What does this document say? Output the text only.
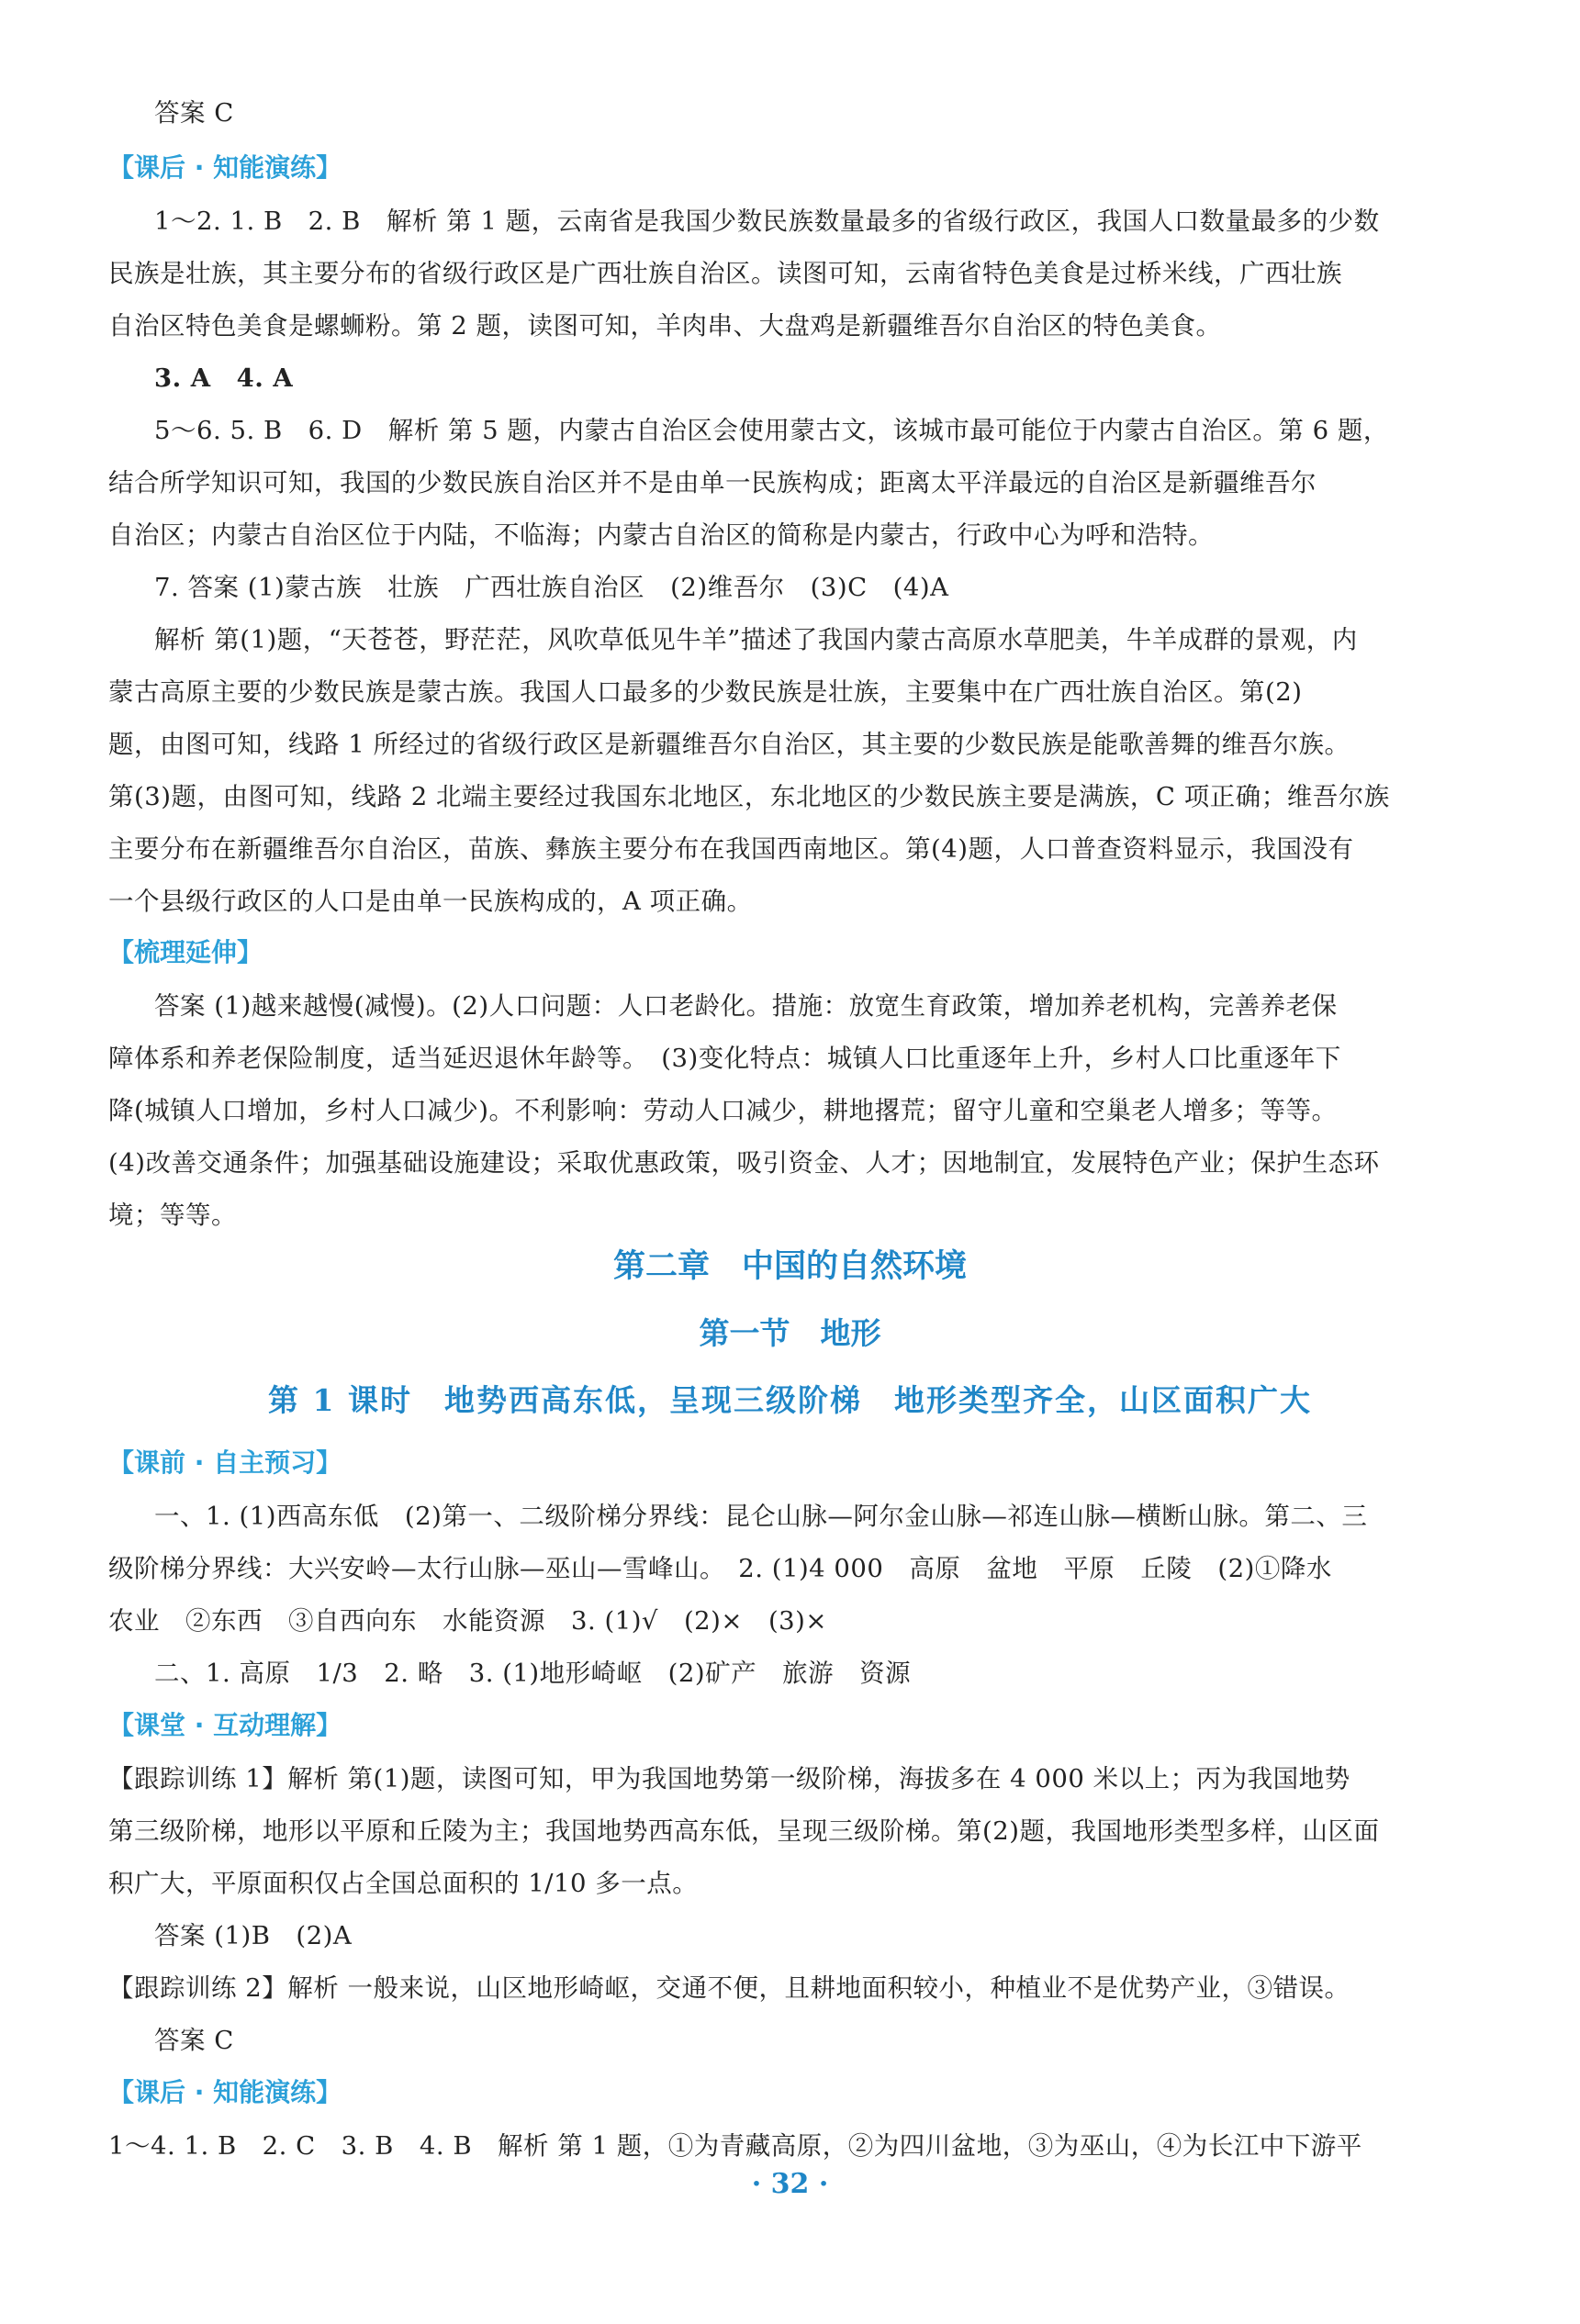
答案 C
【课后 · 知能演练】
1～2. 1. B　2. B　解析 第 1 题，云南省是我国少数民族数量最多的省级行政区，我国人口数量最多的少数
民族是壮族，其主要分布的省级行政区是广西壮族自治区。读图可知，云南省特色美食是过桥米线，广西壮族
自治区特色美食是螺蛳粉。第 2 题，读图可知，羊肉串、大盘鸡是新疆维吾尔自治区的特色美食。
3. A　4. A
5～6. 5. B　6. D　解析 第 5 题，内蒙古自治区会使用蒙古文，该城市最可能位于内蒙古自治区。第 6 题，
结合所学知识可知，我国的少数民族自治区并不是由单一民族构成；距离太平洋最远的自治区是新疆维吾尔
自治区；内蒙古自治区位于内陆，不临海；内蒙古自治区的简称是内蒙古，行政中心为呼和浩特。
7. 答案 (1)蒙古族　壮族　广西壮族自治区　(2)维吾尔　(3)C　(4)A
解析 第(1)题，“天苍苍，野茫茫，风吹草低见牛羊”描述了我国内蒙古高原水草肥美，牛羊成群的景观，内
蒙古高原主要的少数民族是蒙古族。我国人口最多的少数民族是壮族，主要集中在广西壮族自治区。第(2)
题，由图可知，线路 1 所经过的省级行政区是新疆维吾尔自治区，其主要的少数民族是能歌善舞的维吾尔族。
第(3)题，由图可知，线路 2 北端主要经过我国东北地区，东北地区的少数民族主要是满族，C 项正确；维吾尔族
主要分布在新疆维吾尔自治区，苗族、彝族主要分布在我国西南地区。第(4)题，人口普查资料显示，我国没有
一个县级行政区的人口是由单一民族构成的，A 项正确。
【梳理延伸】
答案 (1)越来越慢(减慢)。(2)人口问题：人口老龄化。措施：放宽生育政策，增加养老机构，完善养老保
障体系和养老保险制度，适当延迟退休年龄等。　(3)变化特点：城镇人口比重逐年上升，乡村人口比重逐年下
降(城镇人口增加，乡村人口减少)。不利影响：劳动人口减少，耕地撂荒；留守儿童和空巢老人增多；等等。
(4)改善交通条件；加强基础设施建设；采取优惠政策，吸引资金、人才；因地制宜，发展特色产业；保护生态环
境；等等。
第二章　中国的自然环境
第一节　地形
第 1 课时　地势西高东低，呈现三级阶梯　地形类型齐全，山区面积广大
【课前 · 自主预习】
一、1. (1)西高东低　(2)第一、二级阶梯分界线：昆仑山脉—阿尔金山脉—祁连山脉—横断山脉。第二、三
级阶梯分界线：大兴安岭—太行山脉—巫山—雪峰山。　2. (1)4 000　高原　盆地　平原　丘陵　(2)①降水
农业　②东西　③自西向东　水能资源　3. (1)√　(2)×　(3)×
二、1. 高原　1/3　2. 略　3. (1)地形崎岖　(2)矿产　旅游　资源
【课堂 · 互动理解】
【跟踪训练 1】解析 第(1)题，读图可知，甲为我国地势第一级阶梯，海拔多在 4 000 米以上；丙为我国地势
第三级阶梯，地形以平原和丘陵为主；我国地势西高东低，呈现三级阶梯。第(2)题，我国地形类型多样，山区面
积广大，平原面积仅占全国总面积的 1/10 多一点。
答案 (1)B　(2)A
【跟踪训练 2】解析 一般来说，山区地形崎岖，交通不便，且耕地面积较小，种植业不是优势产业，③错误。
答案 C
【课后 · 知能演练】
1～4. 1. B　2. C　3. B　4. B　解析 第 1 题，①为青藏高原，②为四川盆地，③为巫山，④为长江中下游平
· 32 ·
